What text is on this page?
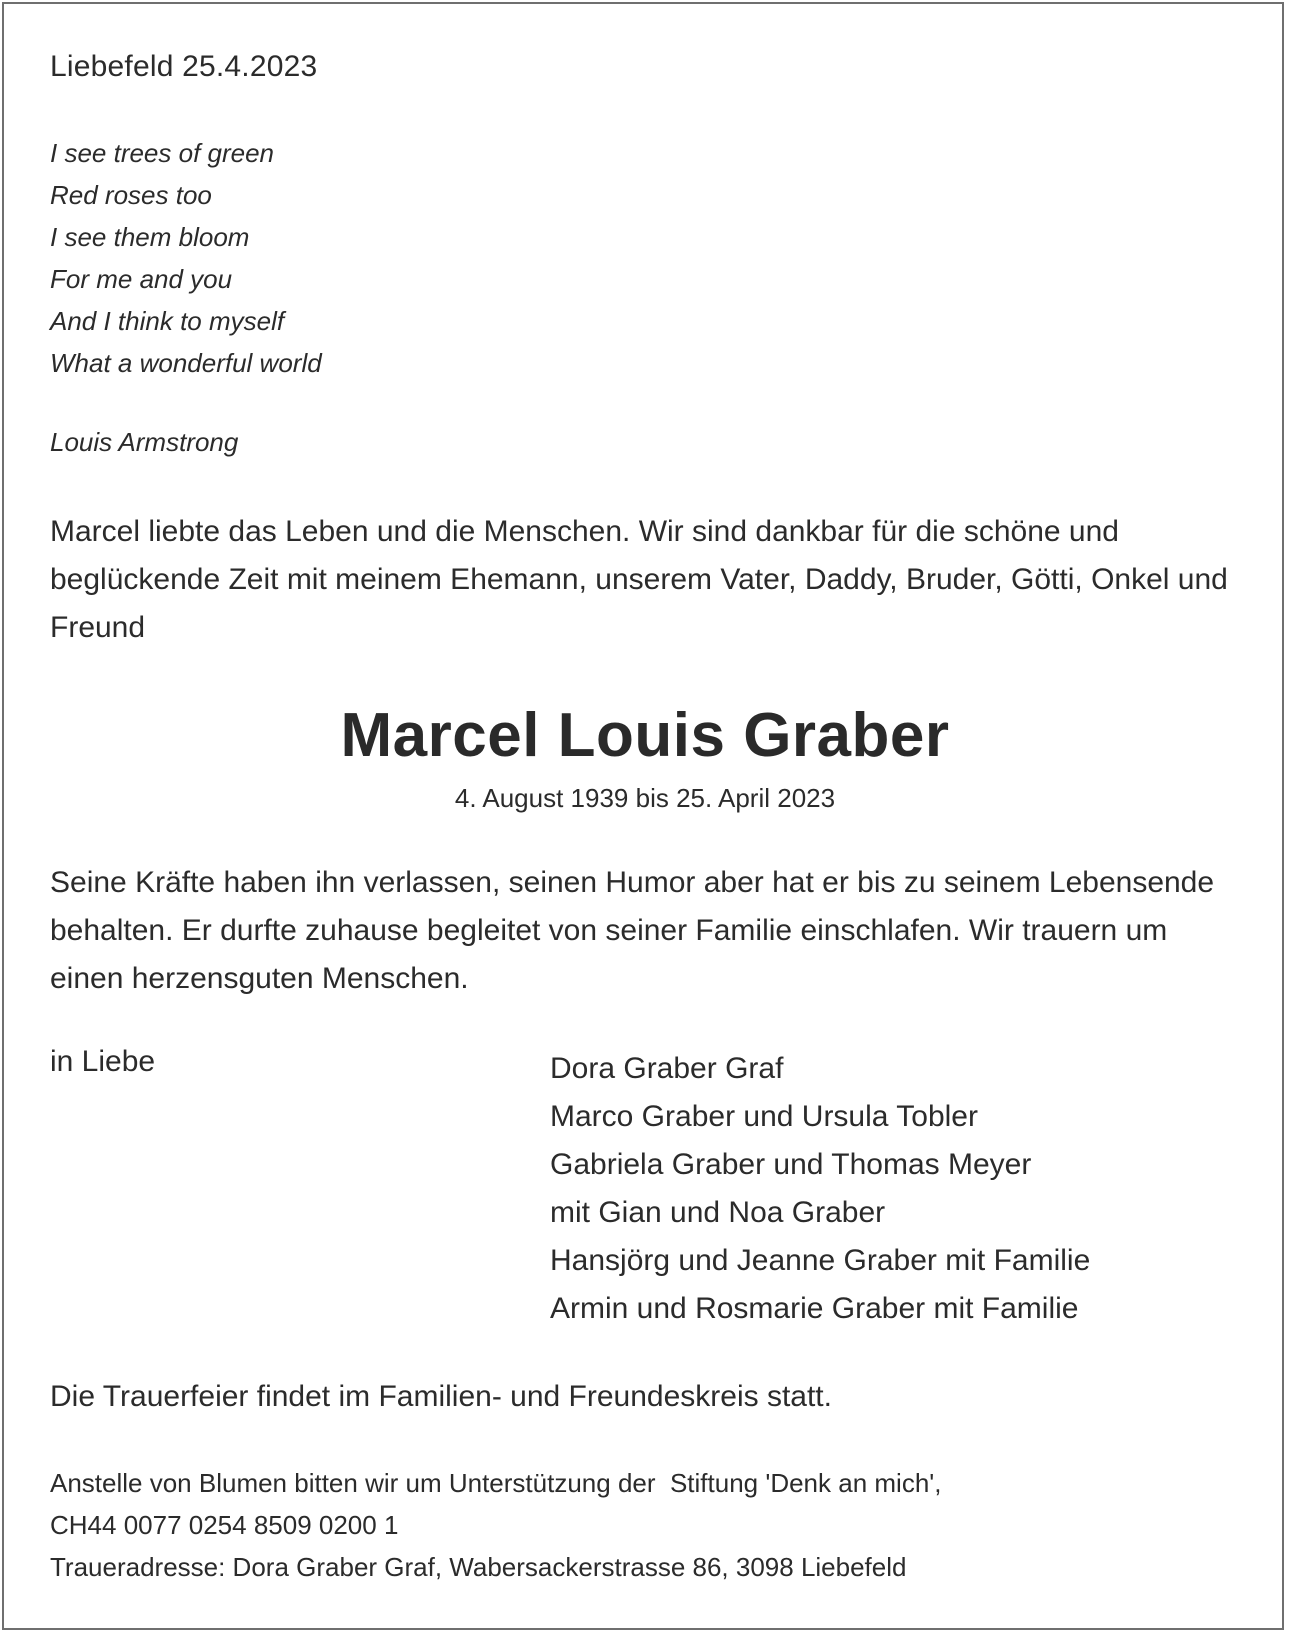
Liebefeld 25.4.2023
I see trees of green
Red roses too
I see them bloom
For me and you
And I think to myself
What a wonderful world
Louis Armstrong
Marcel liebte das Leben und die Menschen. Wir sind dankbar für die schöne und beglückende Zeit mit meinem Ehemann, unserem Vater, Daddy, Bruder, Götti, Onkel und Freund
Marcel Louis Graber
4. August 1939 bis 25. April 2023
Seine Kräfte haben ihn verlassen, seinen Humor aber hat er bis zu seinem Lebensende behalten. Er durfte zuhause begleitet von seiner Familie einschlafen. Wir trauern um einen herzensguten Menschen.
in Liebe	Dora Graber Graf
Marco Graber und Ursula Tobler
Gabriela Graber und Thomas Meyer
mit Gian und Noa Graber
Hansjörg und Jeanne Graber mit Familie
Armin und Rosmarie Graber mit Familie
Die Trauerfeier findet im Familien- und Freundeskreis statt.
Anstelle von Blumen bitten wir um Unterstützung der  Stiftung 'Denk an mich',
CH44 0077 0254 8509 0200 1
Traueradresse: Dora Graber Graf, Wabersackerstrasse 86, 3098 Liebefeld
